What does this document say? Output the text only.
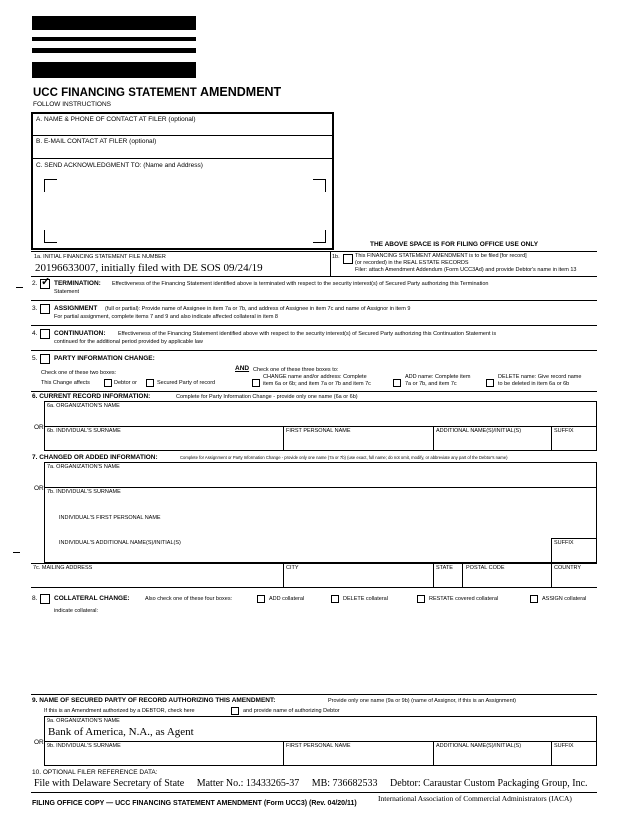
UCC FINANCING STATEMENT AMENDMENT
FOLLOW INSTRUCTIONS
A. NAME & PHONE OF CONTACT AT FILER (optional)
B. E-MAIL CONTACT AT FILER (optional)
C. SEND ACKNOWLEDGMENT TO: (Name and Address)
THE ABOVE SPACE IS FOR FILING OFFICE USE ONLY
1a. INITIAL FINANCING STATEMENT FILE NUMBER
20196633007, initially filed with DE SOS 09/24/19
1b.	This FINANCING STATEMENT AMENDMENT is to be filed [for record]
(or recorded) in the REAL ESTATE RECORDS
Filer: attach Amendment Addendum (Form UCC3Ad) and provide Debtor's name in item 13
2. ✓ TERMINATION: Effectiveness of the Financing Statement identified above is terminated with respect to the security interest(s) of Secured Party authorizing this Termination
Statement
3.	ASSIGNMENT (full or partial): Provide name of Assignee in item 7a or 7b, and address of Assignee in item 7c and name of Assignor in item 9
For partial assignment, complete items 7 and 9 and also indicate affected collateral in item 8
4.	CONTINUATION: Effectiveness of the Financing Statement identified above with respect to the security interest(s) of Secured Party authorizing this Continuation Statement is
continued for the additional period provided by applicable law
5.	PARTY INFORMATION CHANGE:
Check one of these two boxes:
AND Check one of these three boxes to:
This Change affects	Debtor or	Secured Party of record
CHANGE name and/or address: Complete
item 6a or 6b; and item 7a or 7b and item 7c
ADD name: Complete item
7a or 7b, and item 7c
DELETE name: Give record name
to be deleted in item 6a or 6b
6. CURRENT RECORD INFORMATION:	Complete for Party Information Change - provide only one name (6a or 6b)
6a. ORGANIZATION'S NAME
OR 6b. INDIVIDUAL'S SURNAME	FIRST PERSONAL NAME	ADDITIONAL NAME(S)/INITIAL(S)	SUFFIX
7. CHANGED OR ADDED INFORMATION:	Complete for Assignment or Party Information Change - provide only one name (7a or 7b) (use exact, full name; do not omit, modify, or abbreviate any part of the Debtor's name)
7a. ORGANIZATION'S NAME
OR 7b. INDIVIDUAL'S SURNAME
INDIVIDUAL'S FIRST PERSONAL NAME
INDIVIDUAL'S ADDITIONAL NAME(S)/INITIAL(S)	SUFFIX
7c. MAILING ADDRESS	CITY	STATE POSTAL CODE	COUNTRY
8.	COLLATERAL CHANGE:	Also check one of these four boxes:	ADD collateral	DELETE collateral	RESTATE covered collateral	ASSIGN collateral
indicate collateral:
9. NAME OF SECURED PARTY OF RECORD AUTHORIZING THIS AMENDMENT:	Provide only one name (9a or 9b) (name of Assignor, if this is an Assignment)
If this is an Amendment authorized by a DEBTOR, check here	and provide name of authorizing Debtor
9a. ORGANIZATION'S NAME
Bank of America, N.A., as Agent
OR 9b. INDIVIDUAL'S SURNAME	FIRST PERSONAL NAME	ADDITIONAL NAME(S)/INITIAL(S)	SUFFIX
10. OPTIONAL FILER REFERENCE DATA:
File with Delaware Secretary of State     Matter No.: 13433265-37     MB: 736682533     Debtor: Caraustar Custom Packaging Group, Inc.
FILING OFFICE COPY — UCC FINANCING STATEMENT AMENDMENT (Form UCC3) (Rev. 04/20/11)
International Association of Commercial Administrators (IACA)
